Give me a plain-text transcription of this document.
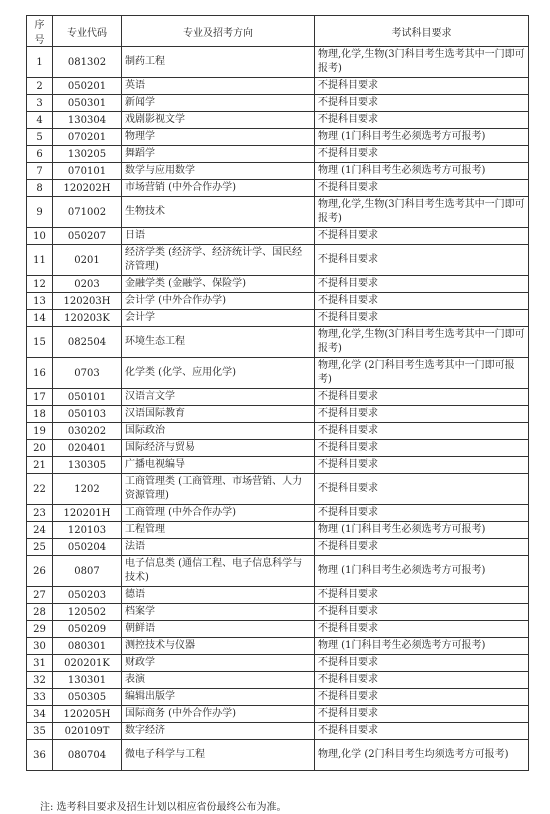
序号	专业代码	专业及招考方向	考试科目要求
1	081302	制药工程	物理,化学,生物(3门科目考生选考其中一门即可报考)
2	050201	英语	不提科目要求
3	050301	新闻学	不提科目要求
4	130304	戏剧影视文学	不提科目要求
5	070201	物理学	物理 (1门科目考生必须选考方可报考)
6	130205	舞蹈学	不提科目要求
7	070101	数学与应用数学	物理 (1门科目考生必须选考方可报考)
8	120202H	市场营销 (中外合作办学)	不提科目要求
9	071002	生物技术	物理,化学,生物(3门科目考生选考其中一门即可报考)
10	050207	日语	不提科目要求
11	0201	经济学类 (经济学、经济统计学、国民经济管理)	不提科目要求
12	0203	金融学类 (金融学、保险学)	不提科目要求
13	120203H	会计学 (中外合作办学)	不提科目要求
14	120203K	会计学	不提科目要求
15	082504	环境生态工程	物理,化学,生物(3门科目考生选考其中一门即可报考)
16	0703	化学类 (化学、应用化学)	物理,化学 (2门科目考生选考其中一门即可报考)
17	050101	汉语言文学	不提科目要求
18	050103	汉语国际教育	不提科目要求
19	030202	国际政治	不提科目要求
20	020401	国际经济与贸易	不提科目要求
21	130305	广播电视编导	不提科目要求
22	1202	工商管理类 (工商管理、市场营销、人力资源管理)	不提科目要求
23	120201H	工商管理 (中外合作办学)	不提科目要求
24	120103	工程管理	物理 (1门科目考生必须选考方可报考)
25	050204	法语	不提科目要求
26	0807	电子信息类 (通信工程、电子信息科学与技术)	物理 (1门科目考生必须选考方可报考)
27	050203	德语	不提科目要求
28	120502	档案学	不提科目要求
29	050209	朝鲜语	不提科目要求
30	080301	测控技术与仪器	物理 (1门科目考生必须选考方可报考)
31	020201K	财政学	不提科目要求
32	130301	表演	不提科目要求
33	050305	编辑出版学	不提科目要求
34	120205H	国际商务 (中外合作办学)	不提科目要求
35	020109T	数字经济	不提科目要求
36	080704	微电子科学与工程	物理,化学 (2门科目考生均须选考方可报考)
注: 选考科目要求及招生计划以相应省份最终公布为准。
